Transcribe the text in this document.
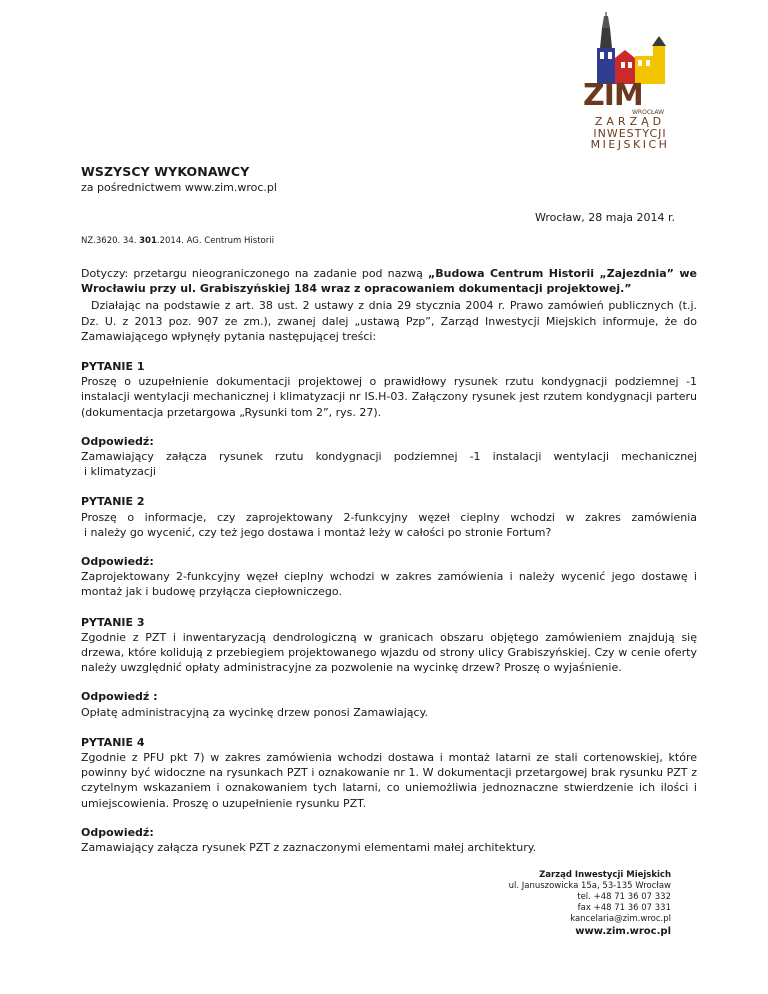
ZIM
WROCŁAW
ZARZĄD
INWESTYCJI
MIEJSKICH
WSZYSCY WYKONAWCY
za pośrednictwem www.zim.wroc.pl
Wrocław, 28 maja 2014 r.
NZ.3620. 34. 301.2014. AG. Centrum Historii

Dotyczy: przetargu nieograniczonego na zadanie pod nazwą „Budowa Centrum Historii „Zajezdnia” we Wrocławiu przy ul. Grabiszyńskiej 184 wraz z opracowaniem dokumentacji projektowej.”

Działając na podstawie z art. 38 ust. 2 ustawy z dnia 29 stycznia 2004 r. Prawo zamówień publicznych (t.j. Dz. U. z 2013 poz. 907 ze zm.), zwanej dalej „ustawą Pzp”, Zarząd Inwestycji Miejskich informuje, że do Zamawiającego wpłynęły pytania następującej treści:

PYTANIE 1

Proszę o uzupełnienie dokumentacji projektowej o prawidłowy rysunek rzutu kondygnacji podziemnej -1 instalacji wentylacji mechanicznej i klimatyzacji nr IS.H-03. Załączony rysunek jest rzutem kondygnacji parteru (dokumentacja przetargowa „Rysunki tom 2”, rys. 27).

Odpowiedź:

Zamawiający załącza rysunek rzutu kondygnacji podziemnej -1 instalacji wentylacji mechanicznej

i klimatyzacji

PYTANIE 2

Proszę o informacje, czy zaprojektowany 2-funkcyjny węzeł cieplny wchodzi w zakres zamówienia

i należy go wycenić, czy też jego dostawa i montaż leży w całości po stronie Fortum?

Odpowiedź:

Zaprojektowany 2-funkcyjny węzeł cieplny wchodzi w zakres zamówienia i należy wycenić jego dostawę i montaż jak i budowę przyłącza ciepłowniczego.

PYTANIE 3

Zgodnie z PZT i inwentaryzacją dendrologiczną w granicach obszaru objętego zamówieniem znajdują się drzewa, które kolidują z przebiegiem projektowanego wjazdu od strony ulicy Grabiszyńskiej. Czy w cenie oferty należy uwzględnić opłaty administracyjne za pozwolenie na wycinkę drzew? Proszę o wyjaśnienie.

Odpowiedź :

Opłatę administracyjną za wycinkę drzew ponosi Zamawiający.

PYTANIE 4

Zgodnie z PFU pkt 7) w zakres zamówienia wchodzi dostawa i montaż latarni ze stali cortenowskiej, które powinny być widoczne na rysunkach PZT i oznakowanie nr 1. W dokumentacji przetargowej brak rysunku PZT z czytelnym wskazaniem i oznakowaniem tych latarni, co uniemożliwia jednoznaczne stwierdzenie ich ilości i umiejscowienia. Proszę o uzupełnienie rysunku PZT.

Odpowiedź:

Zamawiający załącza rysunek PZT z zaznaczonymi elementami małej architektury.

Zarząd Inwestycji Miejskich
ul. Januszowicka 15a, 53-135 Wrocław
tel. +48 71 36 07 332
fax +48 71 36 07 331
kancelaria@zim.wroc.pl
www.zim.wroc.pl
